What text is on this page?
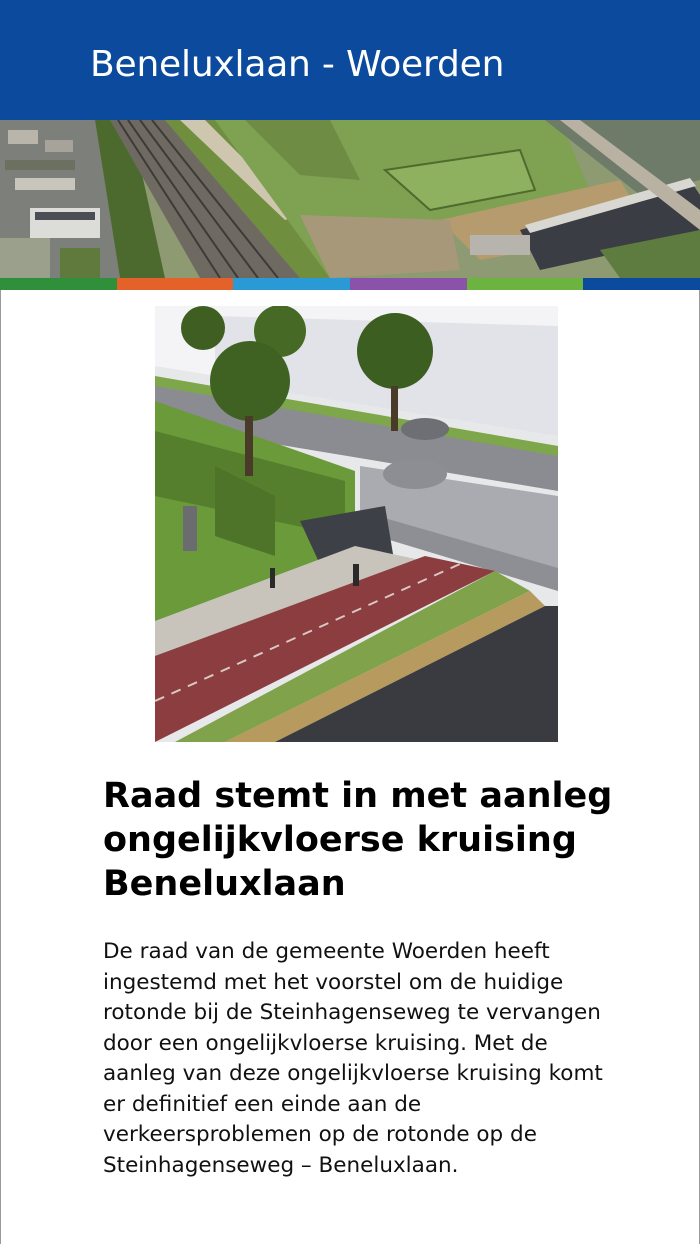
Beneluxlaan - Woerden
Raad stemt in met aanleg ongelijkvloerse kruising Beneluxlaan
De raad van de gemeente Woerden heeft ingestemd met het voorstel om de huidige rotonde bij de Steinhagenseweg te vervangen door een ongelijkvloerse kruising. Met de aanleg van deze ongelijkvloerse kruising komt er definitief een einde aan de verkeersproblemen op de rotonde op de Steinhagenseweg – Beneluxlaan.
